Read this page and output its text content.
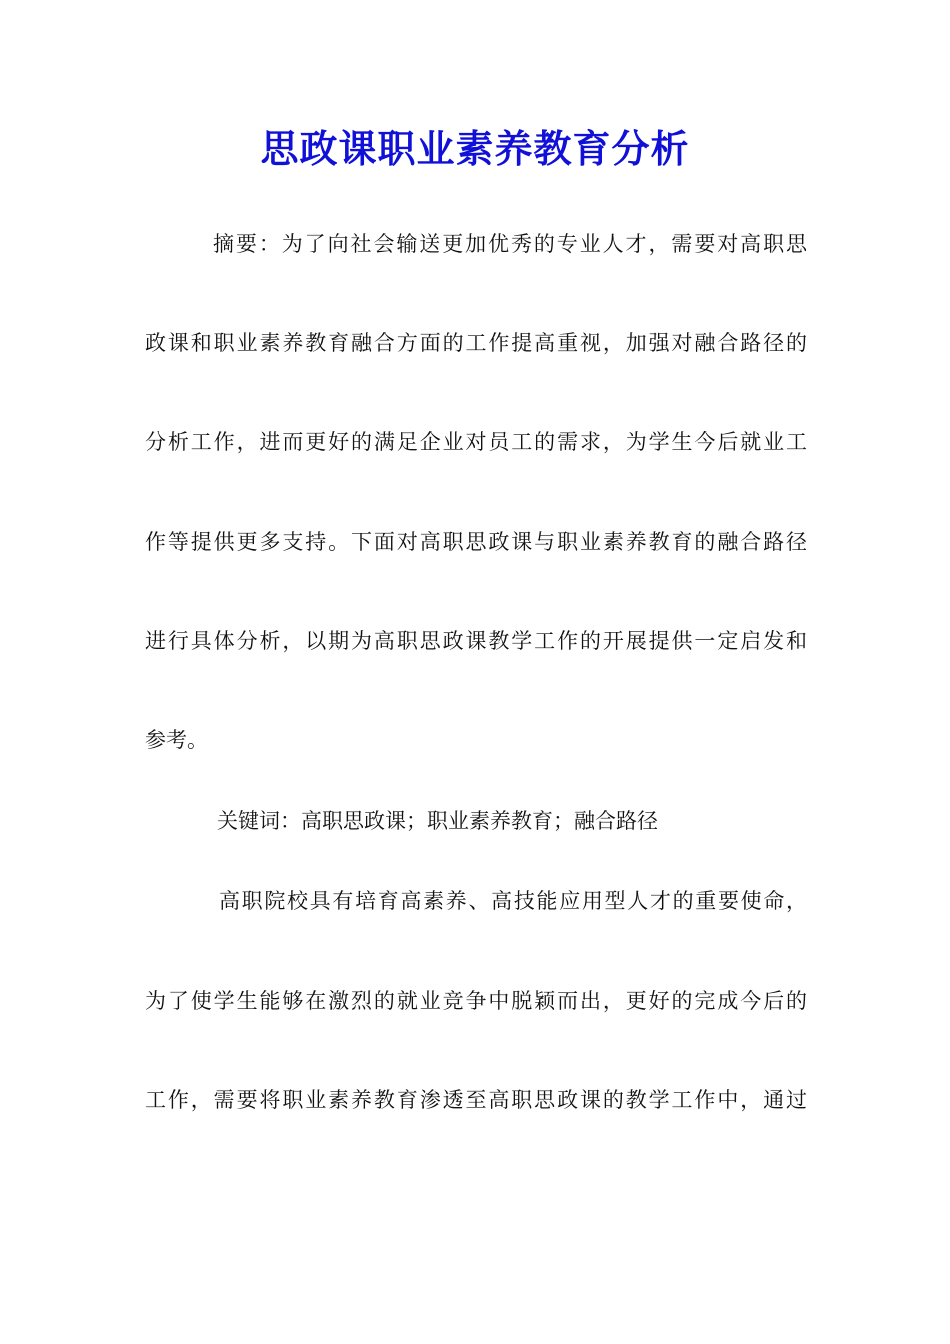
思政课职业素养教育分析

摘要：为了向社会输送更加优秀的专业人才，需要对高职思

政课和职业素养教育融合方面的工作提高重视，加强对融合路径的

分析工作，进而更好的满足企业对员工的需求，为学生今后就业工

作等提供更多支持。下面对高职思政课与职业素养教育的融合路径

进行具体分析，以期为高职思政课教学工作的开展提供一定启发和

参考。

关键词：高职思政课；职业素养教育；融合路径

高职院校具有培育高素养、高技能应用型人才的重要使命，

为了使学生能够在激烈的就业竞争中脱颖而出，更好的完成今后的

工作，需要将职业素养教育渗透至高职思政课的教学工作中，通过
